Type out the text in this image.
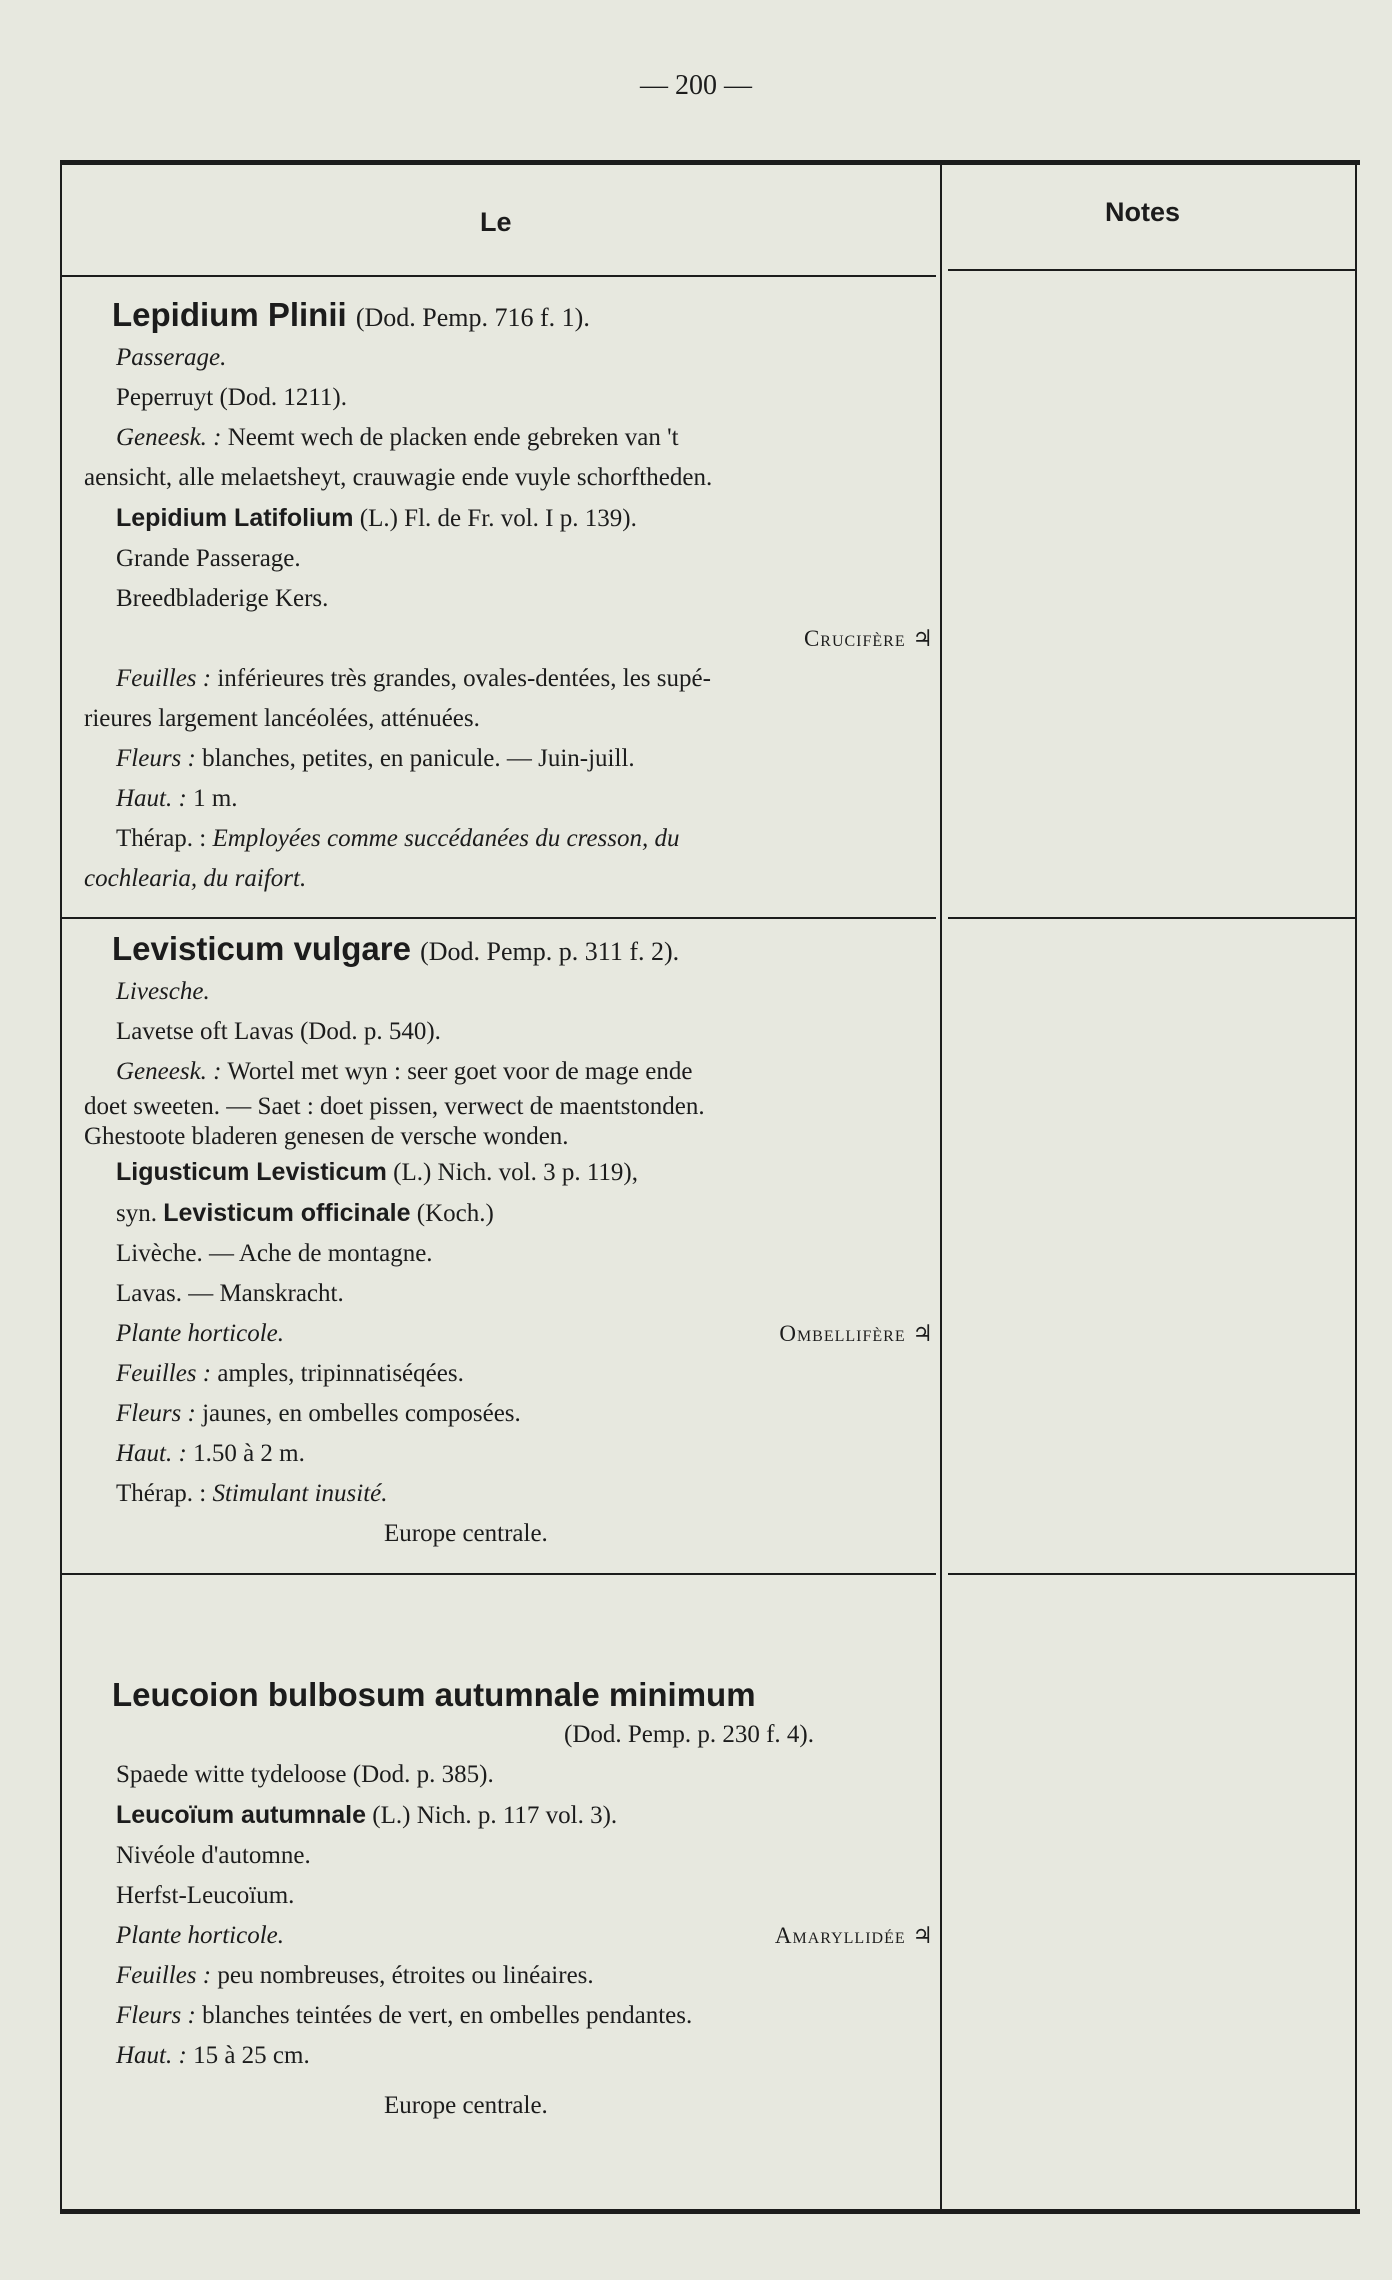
— 200 —
Le	Notes
Lepidium Plinii (Dod. Pemp. 716 f. 1).
Passerage.
Peperruyt (Dod. 1211).
Geneesk. : Neemt wech de placken ende gebreken van 't
aensicht, alle melaetsheyt, crauwagie ende vuyle schorftheden.
Lepidium Latifolium (L.) Fl. de Fr. vol. I p. 139).
Grande Passerage.
Breedbladerige Kers.
Crucifère ♃
Feuilles : inférieures très grandes, ovales-dentées, les supé-
rieures largement lancéolées, atténuées.
Fleurs : blanches, petites, en panicule. — Juin-juill.
Haut. : 1 m.
Thérap. : Employées comme succédanées du cresson, du
cochlearia, du raifort.
Levisticum vulgare (Dod. Pemp. p. 311 f. 2).
Livesche.
Lavetse oft Lavas (Dod. p. 540).
Geneesk. : Wortel met wyn : seer goet voor de mage ende
doet sweeten. — Saet : doet pissen, verwect de maentstonden.
Ghestoote bladeren genesen de versche wonden.
Ligusticum Levisticum (L.) Nich. vol. 3 p. 119),
syn. Levisticum officinale (Koch.)
Livèche. — Ache de montagne.
Lavas. — Manskracht.
Plante horticole.	Ombellifère ♃
Feuilles : amples, tripinnatiséqées.
Fleurs : jaunes, en ombelles composées.
Haut. : 1.50 à 2 m.
Thérap. : Stimulant inusité.
Europe centrale.
Leucoion bulbosum autumnale minimum
(Dod. Pemp. p. 230 f. 4).
Spaede witte tydeloose (Dod. p. 385).
Leucoïum autumnale (L.) Nich. p. 117 vol. 3).
Nivéole d'automne.
Herfst-Leucoïum.
Plante horticole.	Amaryllidée ♃
Feuilles : peu nombreuses, étroites ou linéaires.
Fleurs : blanches teintées de vert, en ombelles pendantes.
Haut. : 15 à 25 cm.
Europe centrale.
